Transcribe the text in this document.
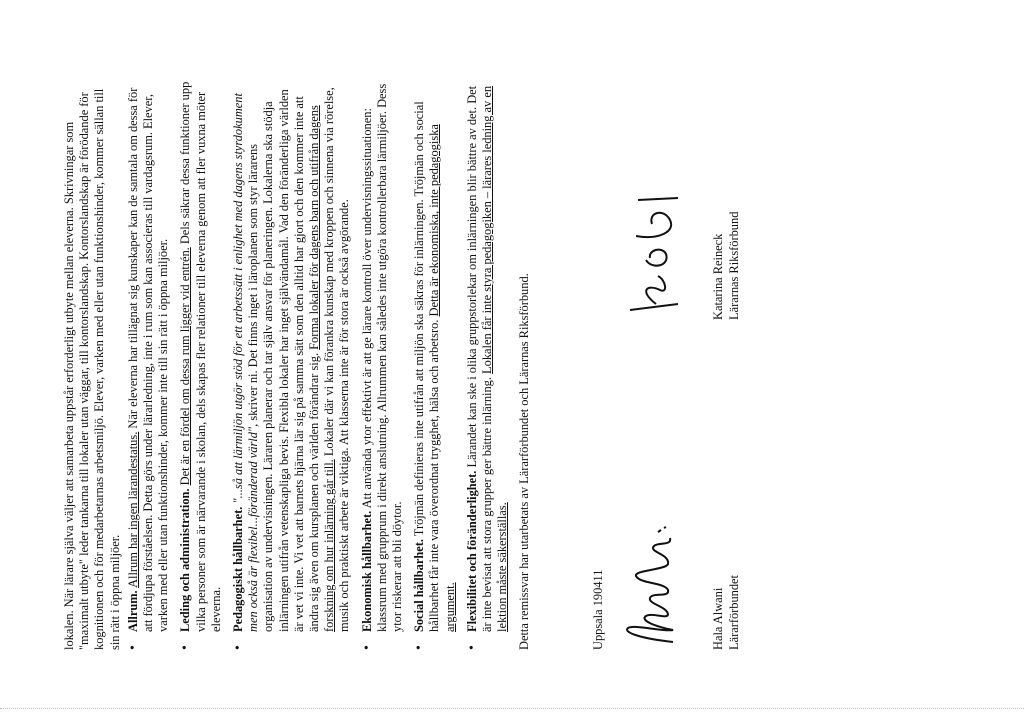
lokalen. När lärare själva väljer att samarbeta uppstår erforderligt utbyte mellan eleverna. Skrivningar som "maximalt utbyte" leder tankarna till lokaler utan väggar, till kontorslandskap. Kontorslandskap är förödande för kognitionen och för medarbetarnas arbetsmiljö. Elever, varken med eller utan funktionshinder, kommer sällan till sin rätt i öppna miljöer. • Allrum. Allrum har ingen lärandestatus. När eleverna har tillägnat sig kunskaper kan de samtala om dessa för att fördjupa förståelsen. Detta görs under lärarledning, inte i rum som kan associeras till vardagsrum. Elever, varken med eller utan funktionshinder, kommer inte till sin rätt i öppna miljöer. • Leding och administration. Det är en fördel om dessa rum ligger vid entrén. Dels säkrar dessa funktioner upp vilka personer som är närvarande i skolan, dels skapas fler relationer till eleverna genom att fler vuxna möter eleverna. • Pedagogiskt hållbarhet. "...så att lärmiljön utgör stöd för ett arbetssätt i enlighet med dagens styrdokument men också är flexibel...föränderad värld", skriver ni. Det finns inget i läroplanen som styr lärarens organisation av undervisningen. Läraren planerar och tar själv ansvar för planeringen. Lokalerna ska stödja inlärningen utifrån vetenskapliga bevis. Flexibla lokaler har inget självändamål. Vad den föränderliga världen är vet vi inte. Vi vet att barnets hjärna lär sig på samma sätt som den alltid har gjort och den kommer inte att ändra sig även om kursplanen och världen förändrar sig. Forma lokaler för dagens barn och utifrån dagens forskning om hur inlärning går till. Lokaler där vi kan förankra kunskap med kroppen och sinnena via rörelse, musik och praktiskt arbete är viktiga. Att klasserna inte är för stora är också avgörande. • Ekonomisk hållbarhet. Att använda ytor effektivt är att ge lärare kontroll över undervisningssituationen: klassrum med grupprum i direkt anslutning. Allrummen kan således inte utgöra kontrollerbara lärmiljöer. Dess ytor riskerar att bli döytor. • Social hållbarhet. Tröjmän definieras inte utifrån att miljön ska säkras för inlärningen. Tröjmän och social hållbarhet får inte vara överordnat trygghet, hälsa och arbetsro. Detta är ekonomiska, inte pedagogiska argument. • Flexibilitet och föränderlighet. Lärandet kan ske i olika gruppstorlekar om inlärningen blir bättre av det. Det är inte bevisat att stora grupper ger bättre inlärning. Lokalen får inte styra pedagogiken – lärares ledning av en lektion måste säkerställas. Detta remissvar har utarbetats av Lärarförbundet och Lärarnas Riksförbund.	Uppsala 190411	Hala Alwani Lärarförbundet
Katarina Reineck Lärarnas Riksförbund
